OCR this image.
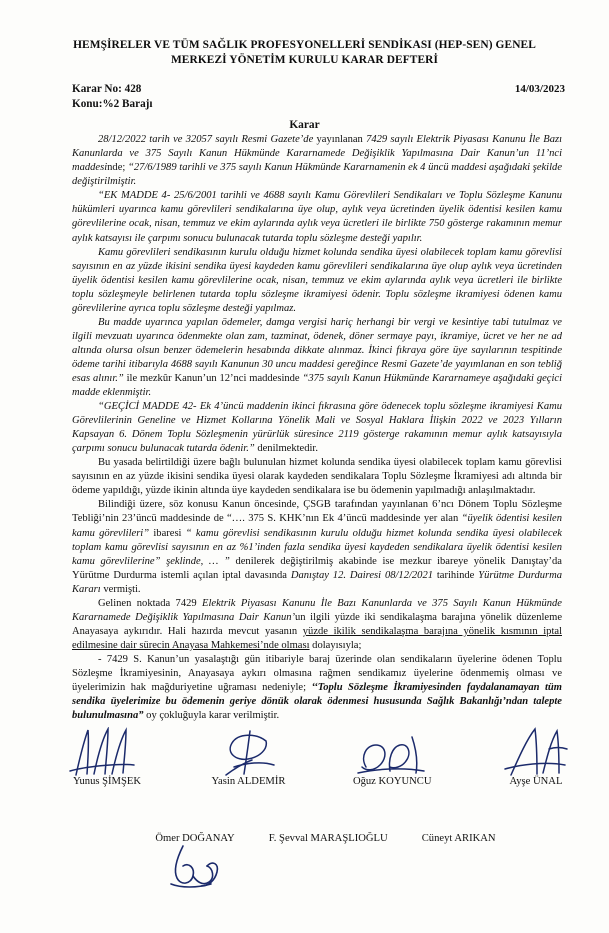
HEMŞİRELER VE TÜM SAĞLIK PROFESYONELLERİ SENDİKASI (HEP-SEN) GENEL
MERKEZİ YÖNETİM KURULU KARAR DEFTERİ
Karar No: 428
Konu:%2 Barajı
14/03/2023
Karar

28/12/2022 tarih ve 32057 sayılı Resmi Gazete’de yayınlanan 7429 sayılı Elektrik Piyasası Kanunu İle Bazı Kanunlarda ve 375 Sayılı Kanun Hükmünde Kararnamede Değişiklik Yapılmasına Dair Kanun’un 11’nci maddesinde; “27/6/1989 tarihli ve 375 sayılı Kanun Hükmünde Kararnamenin ek 4 üncü maddesi aşağıdaki şekilde değiştirilmiştir.

“EK MADDE 4- 25/6/2001 tarihli ve 4688 sayılı Kamu Görevlileri Sendikaları ve Toplu Sözleşme Kanunu hükümleri uyarınca kamu görevlileri sendikalarına üye olup, aylık veya ücretinden üyelik ödentisi kesilen kamu görevlilerine ocak, nisan, temmuz ve ekim aylarında aylık veya ücretleri ile birlikte 750 gösterge rakamının memur aylık katsayısı ile çarpımı sonucu bulunacak tutarda toplu sözleşme desteği yapılır.

Kamu görevlileri sendikasının kurulu olduğu hizmet kolunda sendika üyesi olabilecek toplam kamu görevlisi sayısının en az yüzde ikisini sendika üyesi kaydeden kamu görevlileri sendikalarına üye olup aylık veya ücretinden üyelik ödentisi kesilen kamu görevlilerine ocak, nisan, temmuz ve ekim aylarında aylık veya ücretleri ile birlikte toplu sözleşmeyle belirlenen tutarda toplu sözleşme ikramiyesi ödenir. Toplu sözleşme ikramiyesi ödenen kamu görevlilerine ayrıca toplu sözleşme desteği yapılmaz.

Bu madde uyarınca yapılan ödemeler, damga vergisi hariç herhangi bir vergi ve kesintiye tabi tutulmaz ve ilgili mevzuatı uyarınca ödenmekte olan zam, tazminat, ödenek, döner sermaye payı, ikramiye, ücret ve her ne ad altında olursa olsun benzer ödemelerin hesabında dikkate alınmaz. İkinci fıkraya göre üye sayılarının tespitinde ödeme tarihi itibarıyla 4688 sayılı Kanunun 30 uncu maddesi gereğince Resmi Gazete’de yayımlanan en son tebliğ esas alınır.” ile mezkûr Kanun’un 12’nci maddesinde “375 sayılı Kanun Hükmünde Kararnameye aşağıdaki geçici madde eklenmiştir.

“GEÇİCİ MADDE 42- Ek 4’üncü maddenin ikinci fıkrasına göre ödenecek toplu sözleşme ikramiyesi Kamu Görevlilerinin Geneline ve Hizmet Kollarına Yönelik Mali ve Sosyal Haklara İlişkin 2022 ve 2023 Yılların Kapsayan 6. Dönem Toplu Sözleşmenin yürürlük süresince 2119 gösterge rakamının memur aylık katsayısıyla çarpımı sonucu bulunacak tutarda ödenir.” denilmektedir.

Bu yasada belirtildiği üzere bağlı bulunulan hizmet kolunda sendika üyesi olabilecek toplam kamu görevlisi sayısının en az yüzde ikisini sendika üyesi olarak kaydeden sendikalara Toplu Sözleşme İkramiyesi adı altında bir ödeme yapıldığı, yüzde ikinin altında üye kaydeden sendikalara ise bu ödemenin yapılmadığı anlaşılmaktadır.

Bilindiği üzere, söz konusu Kanun öncesinde, ÇSGB tarafından yayınlanan 6’ncı Dönem Toplu Sözleşme Tebliği’nin 23’üncü maddesinde de “…. 375 S. KHK’nın Ek 4’üncü maddesinde yer alan “üyelik ödentisi kesilen kamu görevlileri” ibaresi “ kamu görevlisi sendikasının kurulu olduğu hizmet kolunda sendika üyesi olabilecek toplam kamu görevlisi sayısının en az %1’inden fazla sendika üyesi kaydeden sendikalara üyelik ödentisi kesilen kamu görevlilerine” şeklinde, … ” denilerek değiştirilmiş akabinde ise mezkur ibareye yönelik Danıştay’da Yürütme Durdurma istemli açılan iptal davasında Danıştay 12. Dairesi 08/12/2021 tarihinde Yürütme Durdurma Kararı vermişti.

Gelinen noktada 7429 Elektrik Piyasası Kanunu İle Bazı Kanunlarda ve 375 Sayılı Kanun Hükmünde Kararnamede Değişiklik Yapılmasına Dair Kanun’un ilgili yüzde iki sendikalaşma barajına yönelik düzenleme Anayasaya aykırıdır. Hali hazırda mevcut yasanın yüzde ikilik sendikalaşma barajına yönelik kısmının iptal edilmesine dair sürecin Anayasa Mahkemesi’nde olması dolayısıyla;

- 7429 S. Kanun’un yasalaştığı gün itibariyle baraj üzerinde olan sendikaların üyelerine ödenen Toplu Sözleşme İkramiyesinin, Anayasaya aykırı olmasına rağmen sendikamız üyelerine ödenmemiş olması ve üyelerimizin hak mağduriyetine uğraması nedeniyle; ‘‘Toplu Sözleşme İkramiyesinden faydalanamayan tüm sendika üyelerimize bu ödemenin geriye dönük olarak ödenmesi hususunda Sağlık Bakanlığı’ndan talepte bulunulmasına” oy çokluğuyla karar verilmiştir.

Yunus ŞİMŞEK	Yasin ALDEMİR	Oğuz KOYUNCU	Ayşe ÜNAL
Ömer DOĞANAY	F. Şevval MARAŞLIOĞLU	Cüneyt ARIKAN
